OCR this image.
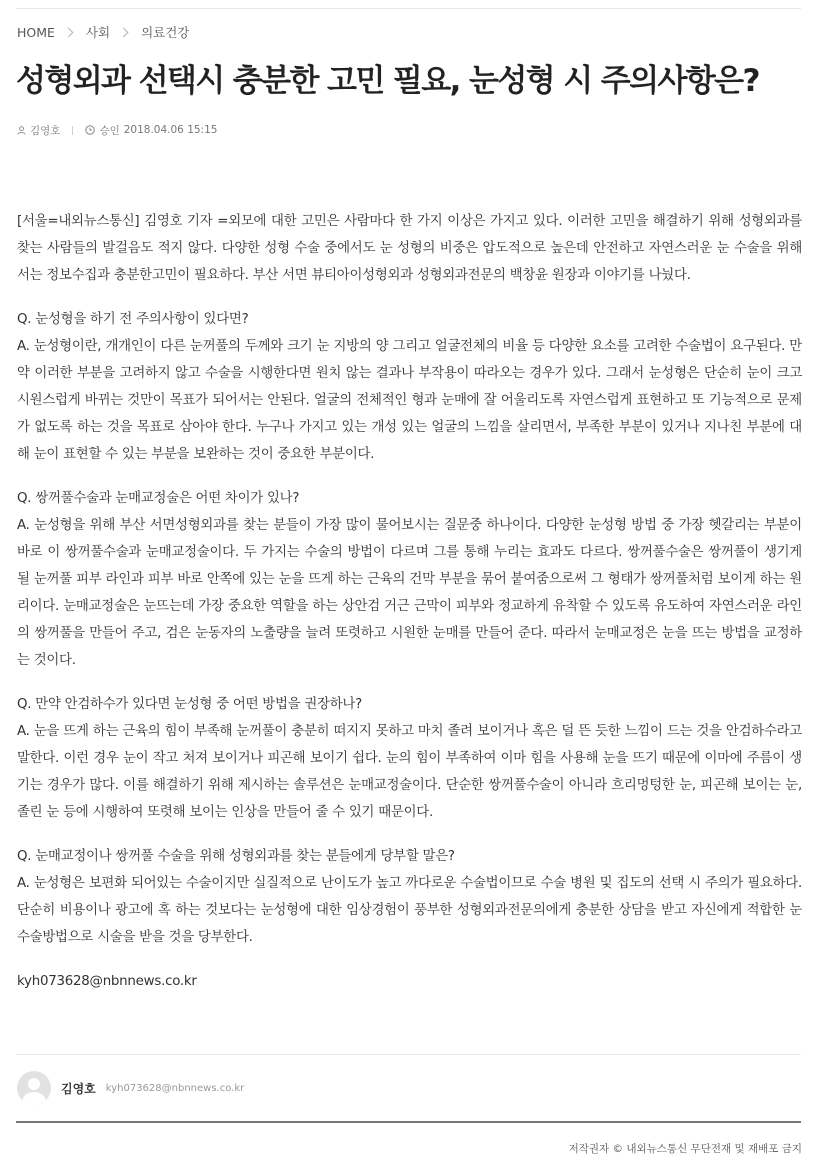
HOME 사회 의료건강
성형외과 선택시 충분한 고민 필요, 눈성형 시 주의사항은?
김영호	승인 2018.04.06 15:15

[서울=내외뉴스통신] 김영호 기자 =외모에 대한 고민은 사람마다 한 가지 이상은 가지고 있다. 이러한 고민을 해결하기 위해 성형외과를 찾는 사람들의 발걸음도 적지 않다. 다양한 성형 수술 중에서도 눈 성형의 비중은 압도적으로 높은데 안전하고 자연스러운 눈 수술을 위해서는 정보수집과 충분한고민이 필요하다. 부산 서면 뷰티아이성형외과 성형외과전문의 백창윤 원장과 이야기를 나눴다.

Q. 눈성형을 하기 전 주의사항이 있다면?
A. 눈성형이란, 개개인이 다른 눈꺼풀의 두께와 크기 눈 지방의 양 그리고 얼굴전체의 비율 등 다양한 요소를 고려한 수술법이 요구된다. 만약 이러한 부분을 고려하지 않고 수술을 시행한다면 원치 않는 결과나 부작용이 따라오는 경우가 있다. 그래서 눈성형은 단순히 눈이 크고 시원스럽게 바뀌는 것만이 목표가 되어서는 안된다. 얼굴의 전체적인 형과 눈매에 잘 어울리도록 자연스럽게 표현하고 또 기능적으로 문제가 없도록 하는 것을 목표로 삼아야 한다. 누구나 가지고 있는 개성 있는 얼굴의 느낌을 살리면서, 부족한 부분이 있거나 지나친 부분에 대해 눈이 표현할 수 있는 부분을 보완하는 것이 중요한 부분이다.

Q. 쌍꺼풀수술과 눈매교정술은 어떤 차이가 있나?
A. 눈성형을 위해 부산 서면성형외과를 찾는 분들이 가장 많이 물어보시는 질문중 하나이다. 다양한 눈성형 방법 중 가장 헷갈리는 부분이 바로 이 쌍꺼풀수술과 눈매교정술이다. 두 가지는 수술의 방법이 다르며 그를 통해 누리는 효과도 다르다. 쌍꺼풀수술은 쌍꺼풀이 생기게 될 눈꺼풀 피부 라인과 피부 바로 안쪽에 있는 눈을 뜨게 하는 근육의 건막 부분을 묶어 붙여줌으로써 그 형태가 쌍꺼풀처럼 보이게 하는 원리이다. 눈매교정술은 눈뜨는데 가장 중요한 역할을 하는 상안검 거근 근막이 피부와 정교하게 유착할 수 있도록 유도하여 자연스러운 라인의 쌍꺼풀을 만들어 주고, 검은 눈동자의 노출량을 늘려 또렷하고 시원한 눈매를 만들어 준다. 따라서 눈매교정은 눈을 뜨는 방법을 교정하는 것이다.

Q. 만약 안검하수가 있다면 눈성형 중 어떤 방법을 권장하나?
A. 눈을 뜨게 하는 근육의 힘이 부족해 눈꺼풀이 충분히 떠지지 못하고 마치 졸려 보이거나 혹은 덜 뜬 듯한 느낌이 드는 것을 안검하수라고 말한다. 이런 경우 눈이 작고 처져 보이거나 피곤해 보이기 쉽다. 눈의 힘이 부족하여 이마 힘을 사용해 눈을 뜨기 때문에 이마에 주름이 생기는 경우가 많다. 이를 해결하기 위해 제시하는 솔루션은 눈매교정술이다. 단순한 쌍꺼풀수술이 아니라 흐리멍텅한 눈, 피곤해 보이는 눈, 졸린 눈 등에 시행하여 또렷해 보이는 인상을 만들어 줄 수 있기 때문이다.

Q. 눈매교정이나 쌍꺼풀 수술을 위해 성형외과를 찾는 분들에게 당부할 말은?
A. 눈성형은 보편화 되어있는 수술이지만 실질적으로 난이도가 높고 까다로운 수술법이므로 수술 병원 및 집도의 선택 시 주의가 필요하다. 단순히 비용이나 광고에 혹 하는 것보다는 눈성형에 대한 임상경험이 풍부한 성형외과전문의에게 충분한 상담을 받고 자신에게 적합한 눈수술방법으로 시술을 받을 것을 당부한다.

kyh073628@nbnnews.co.kr

김영호 kyh073628@nbnnews.co.kr
저작권자 © 내외뉴스통신 무단전재 및 재배포 금지
